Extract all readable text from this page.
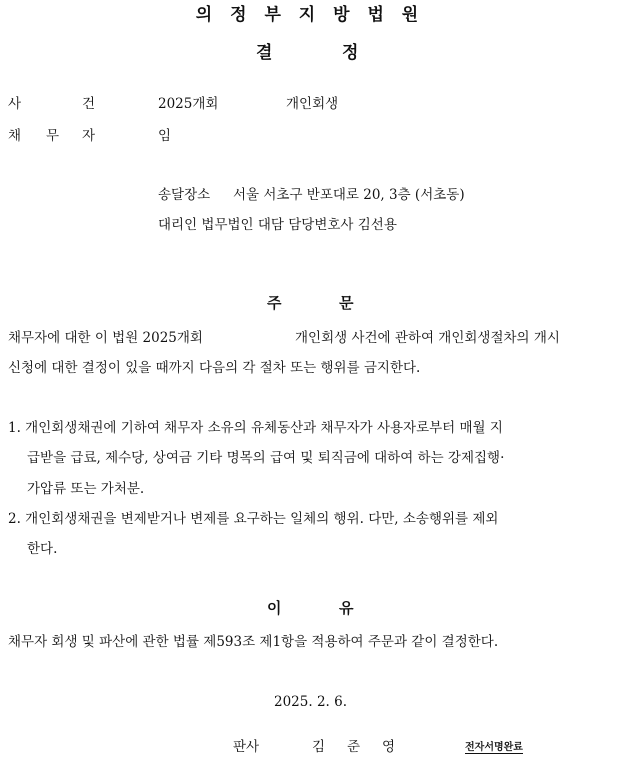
의 정 부 지 방 법 원
결	정
사	건	2025개회	개인회생
채 무 자	임
송달장소 서울 서초구 반포대로 20, 3층 (서초동)
대리인 법무법인 대담 담당변호사 김선용
주	문
채무자에 대한 이 법원 2025개회	개인회생 사건에 관하여 개인회생절차의 개시
신청에 대한 결정이 있을 때까지 다음의 각 절차 또는 행위를 금지한다.
1. 개인회생채권에 기하여 채무자 소유의 유체동산과 채무자가 사용자로부터 매월 지
급받을 급료, 제수당, 상여금 기타 명목의 급여 및 퇴직금에 대하여 하는 강제집행·
가압류 또는 가처분.
2. 개인회생채권을 변제받거나 변제를 요구하는 일체의 행위. 다만, 소송행위를 제외
한다.
이	유
채무자 회생 및 파산에 관한 법률 제593조 제1항을 적용하여 주문과 같이 결정한다.
2025. 2. 6.
판사	김 준 영	전자서명완료
